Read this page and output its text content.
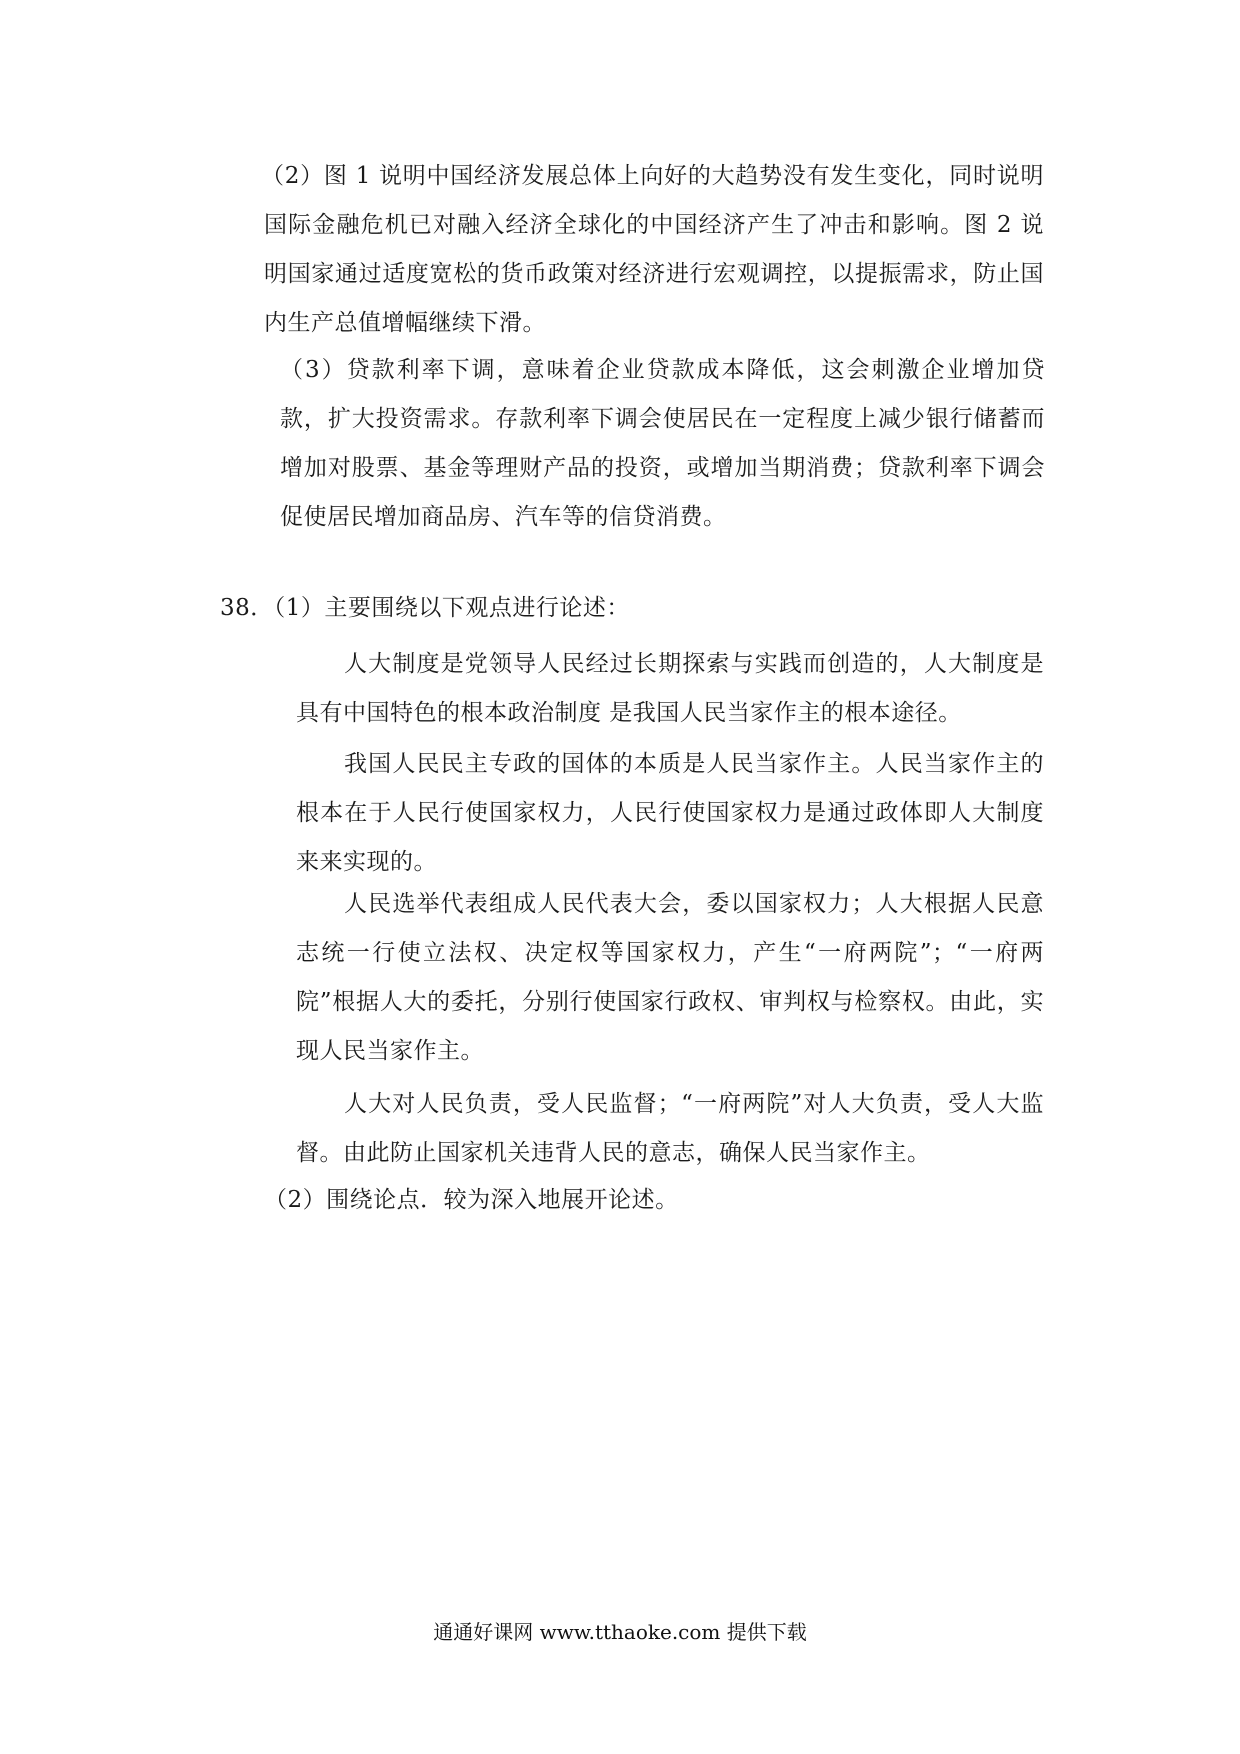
（2）图 1 说明中国经济发展总体上向好的大趋势没有发生变化，同时说明国际金融危机已对融入经济全球化的中国经济产生了冲击和影响。图 2 说明国家通过适度宽松的货币政策对经济进行宏观调控，以提振需求，防止国内生产总值增幅继续下滑。

（3）贷款利率下调，意味着企业贷款成本降低，这会刺激企业增加贷款，扩大投资需求。存款利率下调会使居民在一定程度上减少银行储蓄而增加对股票、基金等理财产品的投资，或增加当期消费；贷款利率下调会促使居民增加商品房、汽车等的信贷消费。

38．（1）主要围绕以下观点进行论述：

人大制度是党领导人民经过长期探索与实践而创造的，人大制度是具有中国特色的根本政治制度 是我国人民当家作主的根本途径。

我国人民民主专政的国体的本质是人民当家作主。人民当家作主的根本在于人民行使国家权力，人民行使国家权力是通过政体即人大制度来来实现的。

人民选举代表组成人民代表大会，委以国家权力；人大根据人民意志统一行使立法权、决定权等国家权力，产生“一府两院”；“一府两院”根据人大的委托，分别行使国家行政权、审判权与检察权。由此，实现人民当家作主。

人大对人民负责，受人民监督；“一府两院”对人大负责，受人大监督。由此防止国家机关违背人民的意志，确保人民当家作主。

（2）围绕论点．较为深入地展开论述。

通通好课网 www.tthaoke.com 提供下载
